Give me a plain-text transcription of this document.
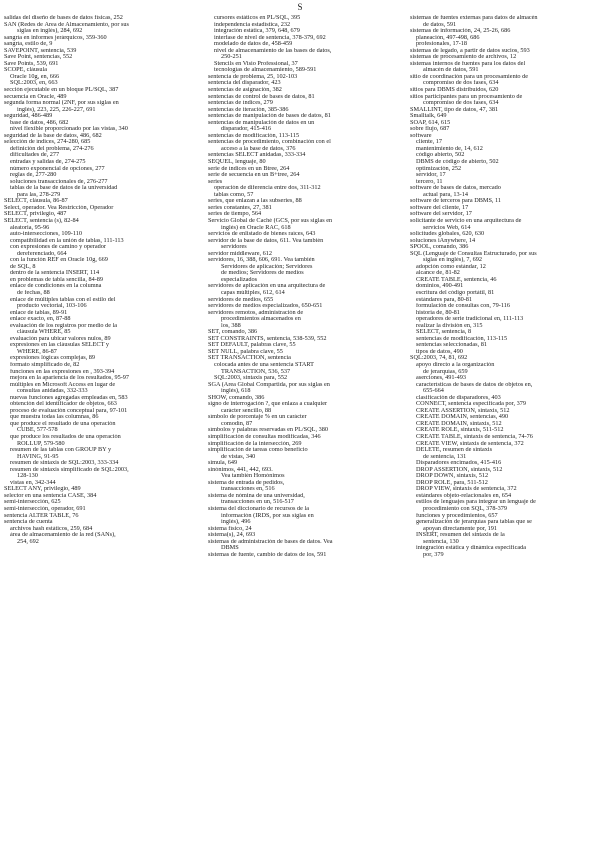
S
salidas del diseño de bases de datos físicas, 252
SAN (Redes de Área de Almacenamiento, por sus
siglas en inglés), 284, 692
sangría en informes jerárquicos, 359-360
sangría, estilo de, 9
SAVEPOINT, sentencia, 539
Save Point, sentencias, 552
Save Points, 539, 691
SCOPE, cláusula
Oracle 10g, en, 666
SQL:2003, en, 663
sección ejecutable en un bloque PL/SQL, 387
secuencia en Oracle, 489
segunda forma normal (2NF, por sus siglas en
inglés), 223, 225, 226-227, 691
seguridad, 486-489
base de datos, 486, 682
nivel flexible proporcionado por las vistas, 340
seguridad de la base de datos, 486, 682
selección de índices, 274-280, 685
definición del problema, 274-276
dificultades de, 277
entradas y salidas de, 274-275
número exponencial de opciones, 277
reglas de, 277-280
soluciones transaccionales de, 276-277
tablas de la base de datos de la universidad
para las, 278-279
SELECT, cláusula, 86-87
Select, operador. Vea Restricción, Operador
SELECT, privilegio, 487
SELECT, sentencia (s), 82-84
aleatoria, 95-96
auto-intersecciones, 109-110
compatibilidad en la unión de tablas, 111-113
con expresiones de camino y operador
dereferenciado, 664
con la función REF en Oracle 10g, 669
de SQL, 8
dentro de la sentencia INSERT, 114
en problemas de tabla sencilla, 84-89
enlace de condiciones en la columna
de fechas, 88
enlace de múltiples tablas con el estilo del
producto vectorial, 103-106
enlace de tablas, 89-91
enlace exacto, en, 87-88
evaluación de los registros por medio de la
cláusula WHERE, 85
evaluación para ubicar valores nulos, 89
expresiones en las cláusulas SELECT y
WHERE, 86-87
expresiones lógicas complejas, 89
formato simplificado de, 82
funciones en las expresiones en , 393-394
mejora en la apariencia de los resultados, 95-97
múltiples en Microsoft Access en lugar de
consultas anidadas, 332-333
nuevas funciones agregadas empleadas en, 583
obtención del identificador de objetos, 663
proceso de evaluación conceptual para, 97-101
que muestra todas las columnas, 86
que produce el resultado de una operación
CUBE, 577-578
que produce los resultados de una operación
ROLLUP, 579-580
resumen de las tablas con GROUP BY y
HAVING, 91-95
resumen de sintaxis de SQL:2003, 333-334
resumen de sintaxis simplificado de SQL:2003,
128-130
vistas en, 342-344
SELECT ANY, privilegio, 489
selector en una sentencia CASE, 384
semi-intersección, 625
semi-intersección, operador, 691
sentencia ALTER TABLE, 76
sentencia de cuenta
archivos hash estáticos, 259, 684
área de almacenamiento de la red (SANs),
254, 692
cursores estáticos en PL/SQL, 395
independencia estadística, 232
integración estática, 379, 648, 679
interfase de nivel de sentencia, 378-379, 692
modelado de datos de, 458-459
nivel de almacenamiento de las bases de datos,
250-251
Stencils en Visio Professional, 37
tecnologías de almacenamiento, 589-591
sentencia de problema, 25, 102-103
sentencia del disparador, 423
sentencias de asignación, 382
sentencias de control de bases de datos, 81
sentencias de índices, 279
sentencias de iteración, 385-386
sentencias de manipulación de bases de datos, 81
sentencias de manipulación de datos en un
disparador, 415-416
sentencias de modificación, 113-115
sentencias de procedimiento, combinación con el
acceso a la base de datos, 376
sentencias SELECT anidadas, 333-334
SEQUEL, lenguaje, 80
serie de índices en un Btree, 264
serie de secuencia en un B+tree, 264
series
operación de diferencia entre dos, 311-312
tablas como, 57
series, que enlazan a las subseries, 88
series constantes, 27, 381
series de tiempo, 564
Servicio Global de Caché (GCS, por sus siglas en
inglés) en Oracle RAC, 618
servicios de enlistado de bienes raíces, 643
servidor de la base de datos, 611. Vea también
servidores
servidor middleware, 612
servidores, 16, 388, 606, 691. Vea también
Servidores de aplicación; Servidores
de medios; Servidores de medios
especializados
servidores de aplicación en una arquitectura de
capas múltiples, 612, 614
servidores de medios, 655
servidores de medios especializados, 650-651
servidores remotos, administración de
procedimientos almacenados en
los, 388
SET, comando, 386
SET CONSTRAINTS, sentencia, 538-539, 552
SET DEFAULT, palabras clave, 55
SET NULL, palabra clave, 55
SET TRANSACTION, sentencia
colocada antes de una sentencia START
TRANSACTION, 536, 537
SQL:2003, sintaxis para, 552
SGA (Área Global Compartida, por sus siglas en
inglés), 618
SHOW, comando, 386
signo de interrogación ?, que enlaza a cualquier
carácter sencillo, 88
símbolo de porcentaje % en un carácter
comodín, 87
símbolos y palabras reservadas en PL/SQL, 380
simplificación de consultas modificadas, 346
simplificación de la intersección, 269
simplificación de tareas como beneficio
de vistas, 340
simula, 649
sinónimos, 441, 442, 693.
Vea también Homónimos
sistema de entrada de pedidos,
transacciones en, 516
sistema de nómina de una universidad,
transacciones en un, 516-517
sistema del diccionario de recursos de la
información (IRDS, por sus siglas en
inglés), 496
sistema físico, 24
sistema(s), 24, 693
sistemas de administración de bases de datos. Vea
DBMS
sistemas de fuente, cambio de datos de los, 591
sistemas de fuentes externas para datos de almacén
de datos, 591
sistemas de información, 24, 25-26, 686
planeación, 497-498, 686
profesionales, 17-18
sistemas de legado, a partir de datos sucios, 593
sistemas de procesamiento de archivos, 12
sistemas internos de fuentes para los datos del
almacén de datos, 591
sitio de coordinación para un procesamiento de
compromiso de dos fases, 634
sitios para DBMS distribuidos, 620
sitios participantes para un procesamiento de
compromiso de dos fases, 634
SMALLINT, tipo de datos, 47, 381
Smalltalk, 649
SOAP, 614, 615
sobre flujo, 687
software
cliente, 17
mantenimiento de, 14, 612
código abierto, 502
DBMS de código de abierto, 502
optimización, 252
servidor, 17
tercero, 11
software de bases de datos, mercado
actual para, 13-14
software de terceros para DBMS, 11
software del cliente, 17
software del servidor, 17
solicitante de servicio en una arquitectura de
servicios Web, 614
solicitudes globales, 620, 630
soluciones iAnywhere, 14
SPOOL, comando, 386
SQL (Lenguaje de Consultas Estructurado, por sus
siglas en inglés), 7, 692
adopción como estándar, 12
alcance de, 81-82
CREATE TABLE, sentencia, 46
dominios, 490-491
escritura del código portátil, 81
estándares para, 80-81
formulación de consultas con, 79-116
historia de, 80-81
operadores de serie tradicional en, 111-113
realizar la división en, 315
SELECT, sentencia, 8
sentencias de modificación, 113-115
sentencias seleccionadas, 81
tipos de datos, 490
SQL:2003, 74, 81, 692
apoyo directo a la organización
de jerarquías, 659
aserciones, 491-493
características de bases de datos de objetos en,
655-664
clasificación de disparadores, 403
CONNECT, sentencia especificada por, 379
CREATE ASSERTION, sintaxis, 512
CREATE DOMAIN, sentencias, 490
CREATE DOMAIN, sintaxis, 512
CREATE ROLE, sintaxis, 511-512
CREATE TABLE, sintaxis de sentencia, 74-76
CREATE VIEW, sintaxis de sentencia, 372
DELETE, resumen de sintaxis
de sentencia, 131
Disparadores encimados, 415-416
DROP ASSERTION, sintaxis, 512
DROP DOWN, sintaxis, 512
DROP ROLE, para, 511-512
DROP VIEW, sintaxis de sentencia, 372
estándares objeto-relacionales en, 654
estilos de lenguajes para integrar un lenguaje de
procedimiento con SQL, 378-379
funciones y procedimientos, 657
generalización de jerarquías para tablas que se
apoyan directamente por, 191
INSERT, resumen del sintaxis de la
sentencia, 130
integración estática y dinámica especificada
por, 379
